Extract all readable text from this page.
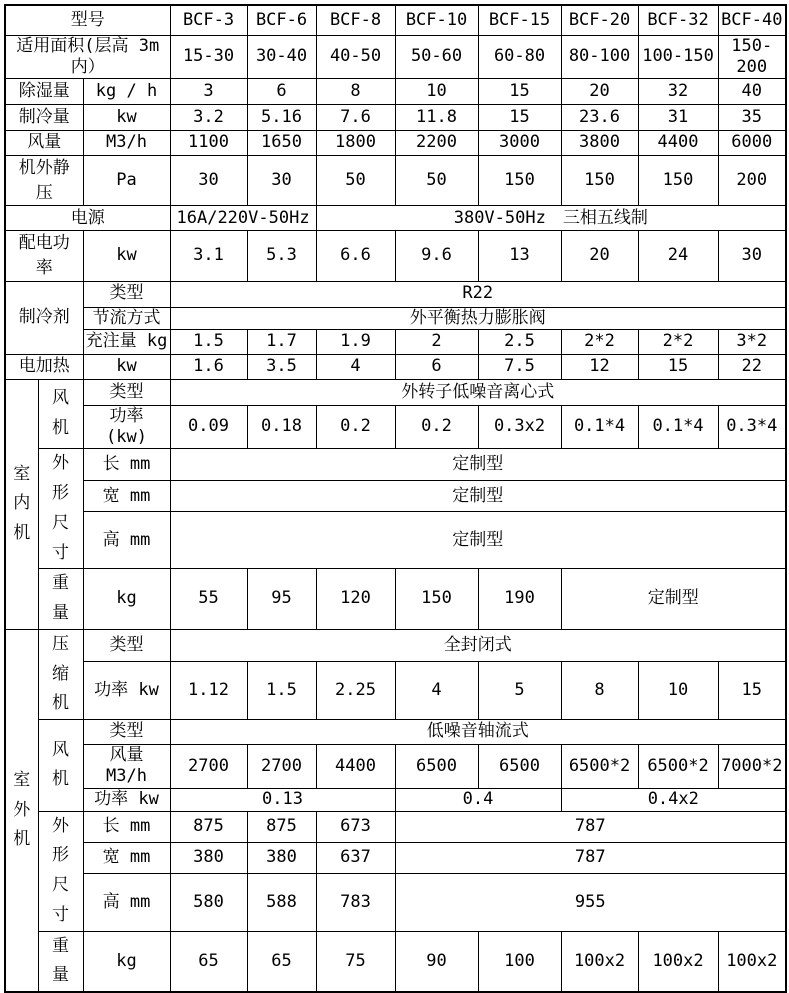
型号			BCF-3	BCF-6	BCF-8	BCF-10	BCF-15	BCF-20	BCF-32	BCF-40
适用面积(层高 3m内）			15-30	30-40	40-50	50-60	60-80	80-100	100-150	150-200
除湿量		kg / h	3	6	8	10	15	20	32	40
制冷量		kw	3.2	5.16	7.6	11.8	15	23.6	31	35
风量		M3/h	1100	1650	1800	2200	3000	3800	4400	6000
机外静压		Pa	30	30	50	50	150	150	150	200
电源			16A/220V-50Hz		380V-50Hz　三相五线制					
配电功率		kw	3.1	5.3	6.6	9.6	13	20	24	30
制冷剂		类型	R22							
		节流方式	外平衡热力膨胀阀							
		充注量 kg	1.5	1.7	1.9	2	2.5	2*2	2*2	3*2
电加热		kw	1.6	3.5	4	6	7.5	12	15	22
室内机	风机	类型	外转子低噪音离心式							
		功率 (kw)	0.09	0.18	0.2	0.2	0.3x2	0.1*4	0.1*4	0.3*4
	外形尺寸	长 mm	定制型							
		宽 mm	定制型							
		高 mm	定制型							
	重量	kg	55	95	120	150	190	定制型		
室外机	压缩机	类型	全封闭式							
		功率 kw	1.12	1.5	2.25	4	5	8	10	15
	风机	类型	低噪音轴流式							
		风量 M3/h	2700	2700	4400	6500	6500	6500*2	6500*2	7000*2
		功率 kw	0.13			0.4		0.4x2		
	外形尺寸	长 mm	875	875	673	787				
		宽 mm	380	380	637	787				
		高 mm	580	588	783	955				
	重量	kg	65	65	75	90	100	100x2	100x2	100x2
